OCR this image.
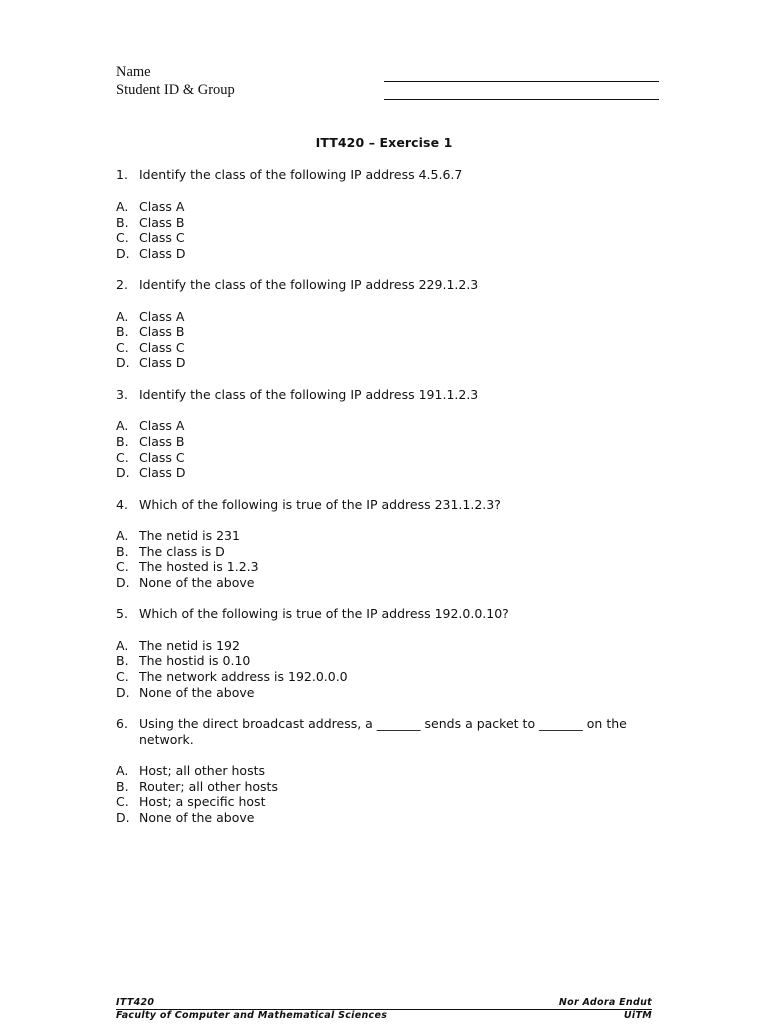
Name
Student ID & Group
ITT420 – Exercise 1
1. Identify the class of the following IP address 4.5.6.7
A. Class A
B. Class B
C. Class C
D. Class D
2. Identify the class of the following IP address 229.1.2.3
A. Class A
B. Class B
C. Class C
D. Class D
3. Identify the class of the following IP address 191.1.2.3
A. Class A
B. Class B
C. Class C
D. Class D
4. Which of the following is true of the IP address 231.1.2.3?
A. The netid is 231
B. The class is D
C. The hosted is 1.2.3
D. None of the above
5. Which of the following is true of the IP address 192.0.0.10?
A. The netid is 192
B. The hostid is 0.10
C. The network address is 192.0.0.0
D. None of the above
6. Using the direct broadcast address, a _______ sends a packet to _______ on the network.
A. Host; all other hosts
B. Router; all other hosts
C. Host; a specific host
D. None of the above
ITT420	Nor Adora Endut
Faculty of Computer and Mathematical Sciences	UiTM
